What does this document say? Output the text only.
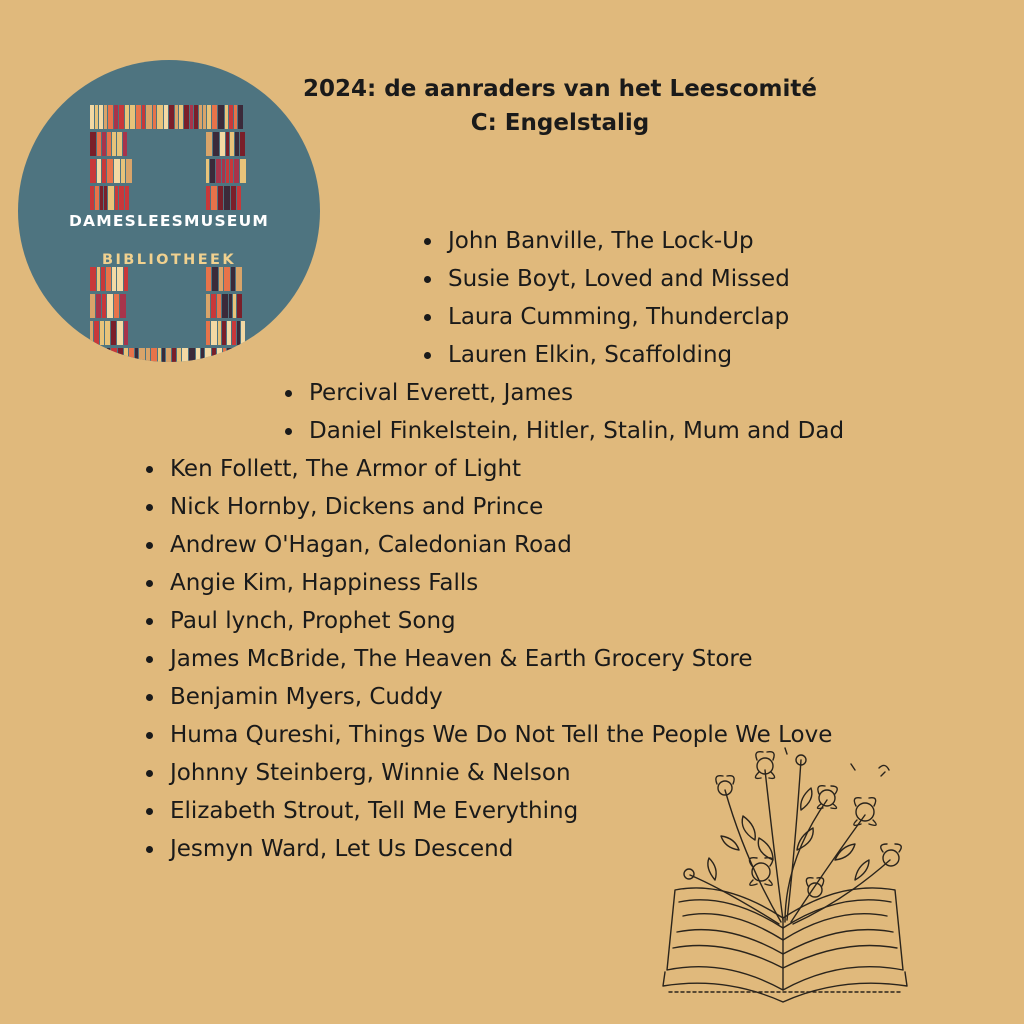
DAMESLEESMUSEUM
BIBLIOTHEEK
2024: de aanraders van het Leescomité
C: Engelstalig
John Banville, The Lock-Up
Susie Boyt, Loved and Missed
Laura Cumming, Thunderclap
Lauren Elkin, Scaffolding
Percival Everett, James
Daniel Finkelstein, Hitler, Stalin, Mum and Dad
Ken Follett, The Armor of Light
Nick Hornby, Dickens and Prince
Andrew O'Hagan, Caledonian Road
Angie Kim, Happiness Falls
Paul lynch, Prophet Song
James McBride, The Heaven & Earth Grocery Store
Benjamin Myers, Cuddy
Huma Qureshi, Things We Do Not Tell the People We Love
Johnny Steinberg, Winnie & Nelson
Elizabeth Strout, Tell Me Everything
Jesmyn Ward, Let Us Descend
